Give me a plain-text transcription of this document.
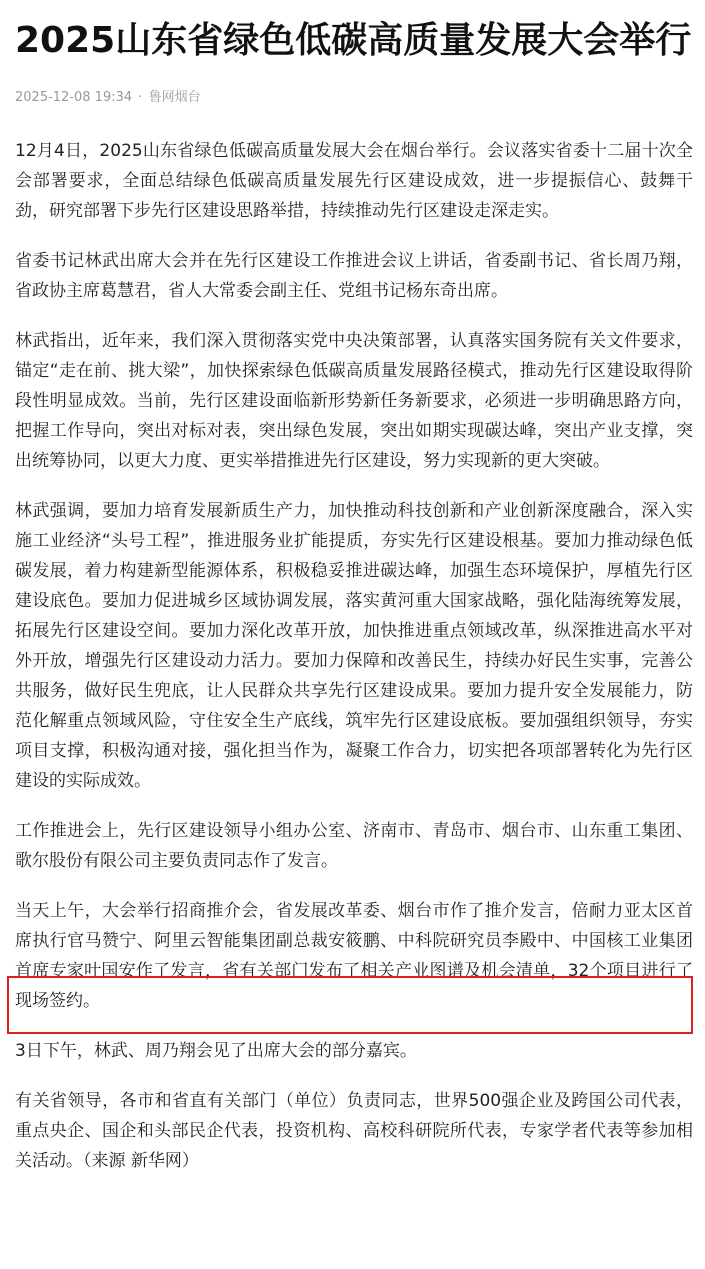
2025山东省绿色低碳高质量发展大会举行
2025-12-08 19:34 · 鲁网烟台

12月4日，2025山东省绿色低碳高质量发展大会在烟台举行。会议落实省委十二届十次全会部署要求，全面总结绿色低碳高质量发展先行区建设成效，进一步提振信心、鼓舞干劲，研究部署下步先行区建设思路举措，持续推动先行区建设走深走实。

省委书记林武出席大会并在先行区建设工作推进会议上讲话，省委副书记、省长周乃翔，省政协主席葛慧君，省人大常委会副主任、党组书记杨东奇出席。

林武指出，近年来，我们深入贯彻落实党中央决策部署，认真落实国务院有关文件要求，锚定“走在前、挑大梁”，加快探索绿色低碳高质量发展路径模式，推动先行区建设取得阶段性明显成效。当前，先行区建设面临新形势新任务新要求，必须进一步明确思路方向，把握工作导向，突出对标对表，突出绿色发展，突出如期实现碳达峰，突出产业支撑，突出统筹协同，以更大力度、更实举措推进先行区建设，努力实现新的更大突破。

林武强调，要加力培育发展新质生产力，加快推动科技创新和产业创新深度融合，深入实施工业经济“头号工程”，推进服务业扩能提质，夯实先行区建设根基。要加力推动绿色低碳发展，着力构建新型能源体系，积极稳妥推进碳达峰，加强生态环境保护，厚植先行区建设底色。要加力促进城乡区域协调发展，落实黄河重大国家战略，强化陆海统筹发展，拓展先行区建设空间。要加力深化改革开放，加快推进重点领域改革，纵深推进高水平对外开放，增强先行区建设动力活力。要加力保障和改善民生，持续办好民生实事，完善公共服务，做好民生兜底，让人民群众共享先行区建设成果。要加力提升安全发展能力，防范化解重点领域风险，守住安全生产底线，筑牢先行区建设底板。要加强组织领导，夯实项目支撑，积极沟通对接，强化担当作为，凝聚工作合力，切实把各项部署转化为先行区建设的实际成效。

工作推进会上，先行区建设领导小组办公室、济南市、青岛市、烟台市、山东重工集团、歌尔股份有限公司主要负责同志作了发言。

当天上午，大会举行招商推介会，省发展改革委、烟台市作了推介发言，倍耐力亚太区首席执行官马赞宁、阿里云智能集团副总裁安筱鹏、中科院研究员李殿中、中国核工业集团首席专家叶国安作了发言，省有关部门发布了相关产业图谱及机会清单，32个项目进行了现场签约。

3日下午，林武、周乃翔会见了出席大会的部分嘉宾。

有关省领导，各市和省直有关部门（单位）负责同志，世界500强企业及跨国公司代表，重点央企、国企和头部民企代表，投资机构、高校科研院所代表，专家学者代表等参加相关活动。（来源 新华网）
